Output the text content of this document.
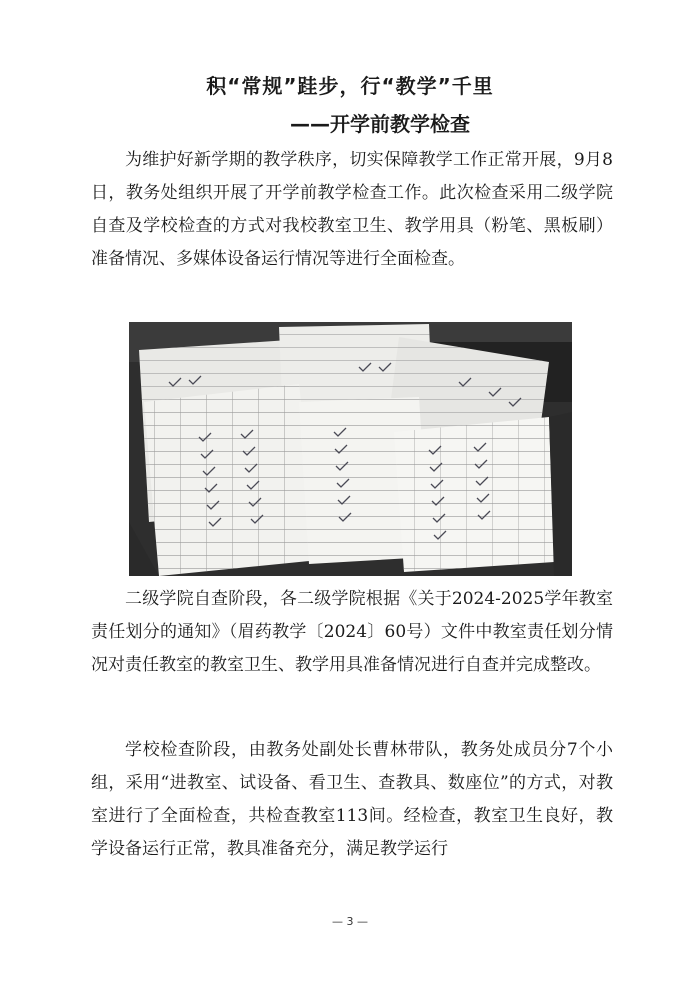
积“常规”跬步，行“教学”千里
——开学前教学检查

为维护好新学期的教学秩序，切实保障教学工作正常开展，9月8日，教务处组织开展了开学前教学检查工作。此次检查采用二级学院自查及学校检查的方式对我校教室卫生、教学用具（粉笔、黑板刷）准备情况、多媒体设备运行情况等进行全面检查。

二级学院自查阶段，各二级学院根据《关于2024-2025学年教室责任划分的通知》（眉药教学〔2024〕60号）文件中教室责任划分情况对责任教室的教室卫生、教学用具准备情况进行自查并完成整改。

学校检查阶段，由教务处副处长曹林带队，教务处成员分7个小组，采用“进教室、试设备、看卫生、查教具、数座位”的方式，对教室进行了全面检查，共检查教室113间。经检查，教室卫生良好，教学设备运行正常，教具准备充分，满足教学运行

— 3 —
